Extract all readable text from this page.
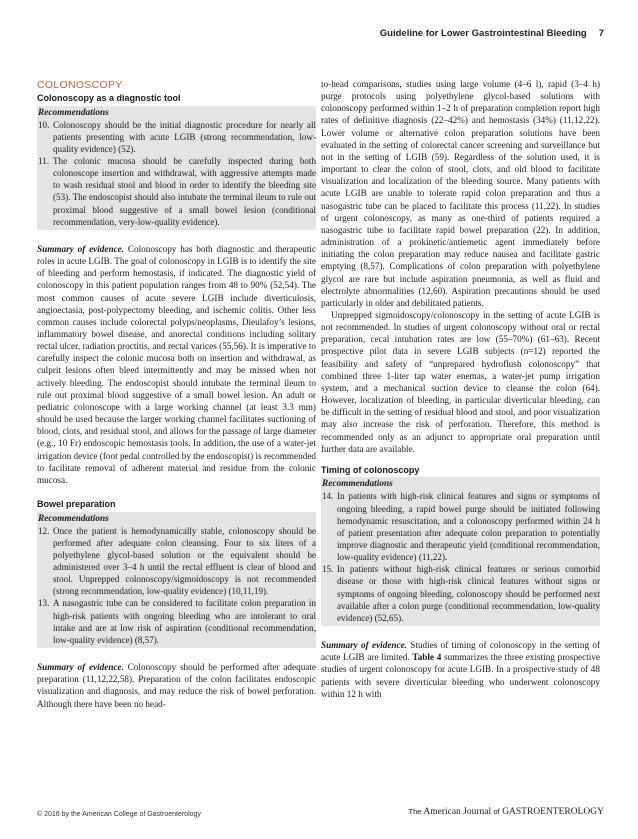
Guideline for Lower Gastrointestinal Bleeding 7
COLONOSCOPY
Colonoscopy as a diagnostic tool
Recommendations
10. Colonoscopy should be the initial diagnostic procedure for nearly all patients presenting with acute LGIB (strong recommendation, low-quality evidence) (52).
11. The colonic mucosa should be carefully inspected during both colonoscope insertion and withdrawal, with aggressive attempts made to wash residual stool and blood in order to identify the bleeding site (53). The endoscopist should also intubate the terminal ileum to rule out proximal blood suggestive of a small bowel lesion (conditional recommendation, very-low-quality evidence).

Summary of evidence. Colonoscopy has both diagnostic and therapeutic roles in acute LGIB. The goal of colonoscopy in LGIB is to identify the site of bleeding and perform hemostasis, if indicated. The diagnostic yield of colonoscopy in this patient population ranges from 48 to 90% (52,54). The most common causes of acute severe LGIB include diverticulosis, angioectasia, post-polypectomy bleeding, and ischemic colitis. Other less common causes include colorectal polyps/neoplasms, Dieulafoy’s lesions, inflammatory bowel disease, and anorectal conditions including solitary rectal ulcer, radiation proctitis, and rectal varices (55,56). It is imperative to carefully inspect the colonic mucosa both on insertion and withdrawal, as culprit lesions often bleed intermittently and may be missed when not actively bleeding. The endoscopist should intubate the terminal ileum to rule out proximal blood suggestive of a small bowel lesion. An adult or pediatric colonoscope with a large working channel (at least 3.3 mm) should be used because the larger working channel facilitates suctioning of blood, clots, and residual stool, and allows for the passage of large diameter (e.g., 10 Fr) endoscopic hemostasis tools. In addition, the use of a water-jet irrigation device (foot pedal controlled by the endoscopist) is recommended to facilitate removal of adherent material and residue from the colonic mucosa.

Bowel preparation
Recommendations
12. Once the patient is hemodynamically stable, colonoscopy should be performed after adequate colon cleansing. Four to six liters of a polyethylene glycol-based solution or the equivalent should be administered over 3–4 h until the rectal effluent is clear of blood and stool. Unprepped colonoscopy/sigmoidoscopy is not recommended (strong recommendation, low-quality evidence) (10,11,19).
13. A nasogastric tube can be considered to facilitate colon preparation in high-risk patients with ongoing bleeding who are intolerant to oral intake and are at low risk of aspiration (conditional recommendation, low-quality evidence) (8,57).

Summary of evidence. Colonoscopy should be performed after adequate preparation (11,12,22,58). Preparation of the colon facilitates endoscopic visualization and diagnosis, and may reduce the risk of bowel perforation. Although there have been no head-

to-head comparisons, studies using large volume (4–6 l), rapid (3–4 h) purge protocols using polyethylene glycol-based solutions with colonoscopy performed within 1–2 h of preparation completion report high rates of definitive diagnosis (22–42%) and hemostasis (34%) (11,12,22). Lower volume or alternative colon preparation solutions have been evaluated in the setting of colorectal cancer screening and surveillance but not in the setting of LGIB (59). Regardless of the solution used, it is important to clear the colon of stool, clots, and old blood to facilitate visualization and localization of the bleeding source. Many patients with acute LGIB are unable to tolerate rapid colon preparation and thus a nasogastric tube can be placed to facilitate this process (11,22). In studies of urgent colonoscopy, as many as one-third of patients required a nasogastric tube to facilitate rapid bowel preparation (22). In addition, administration of a prokinetic/antiemetic agent immediately before initiating the colon preparation may reduce nausea and facilitate gastric emptying (8,57). Complications of colon preparation with polyethylene glycol are rare but include aspiration pneumonia, as well as fluid and electrolyte abnormalities (12,60). Aspiration precautions should be used particularly in older and debilitated patients.

Unprepped sigmoidoscopy/colonoscopy in the setting of acute LGIB is not recommended. In studies of urgent colonoscopy without oral or rectal preparation, cecal intubation rates are low (55–70%) (61–63). Recent prospective pilot data in severe LGIB subjects (n=12) reported the feasibility and safety of “unprepared hydroflush colonoscopy” that combined three 1-liter tap water enemas, a water-jet pump irrigation system, and a mechanical suction device to cleanse the colon (64). However, localization of bleeding, in particular diverticular bleeding, can be difficult in the setting of residual blood and stool, and poor visualization may also increase the risk of perforation. Therefore, this method is recommended only as an adjunct to appropriate oral preparation until further data are available.

Timing of colonoscopy
Recommendations
14. In patients with high-risk clinical features and signs or symptoms of ongoing bleeding, a rapid bowel purge should be initiated following hemodynamic resuscitation, and a colonoscopy performed within 24 h of patient presentation after adequate colon preparation to potentially improve diagnostic and therapeutic yield (conditional recommendation, low-quality evidence) (11,22).
15. In patients without high-risk clinical features or serious comorbid disease or those with high-risk clinical features without signs or symptoms of ongoing bleeding, colonoscopy should be performed next available after a colon purge (conditional recommendation, low-quality evidence) (52,65).

Summary of evidence. Studies of timing of colonoscopy in the setting of acute LGIB are limited. Table 4 summarizes the three existing prospective studies of urgent colonoscopy for acute LGIB. In a prospective study of 48 patients with severe diverticular bleeding who underwent colonoscopy within 12 h with

© 2016 by the American College of Gastroenterology	The American Journal of GASTROENTEROLOGY
